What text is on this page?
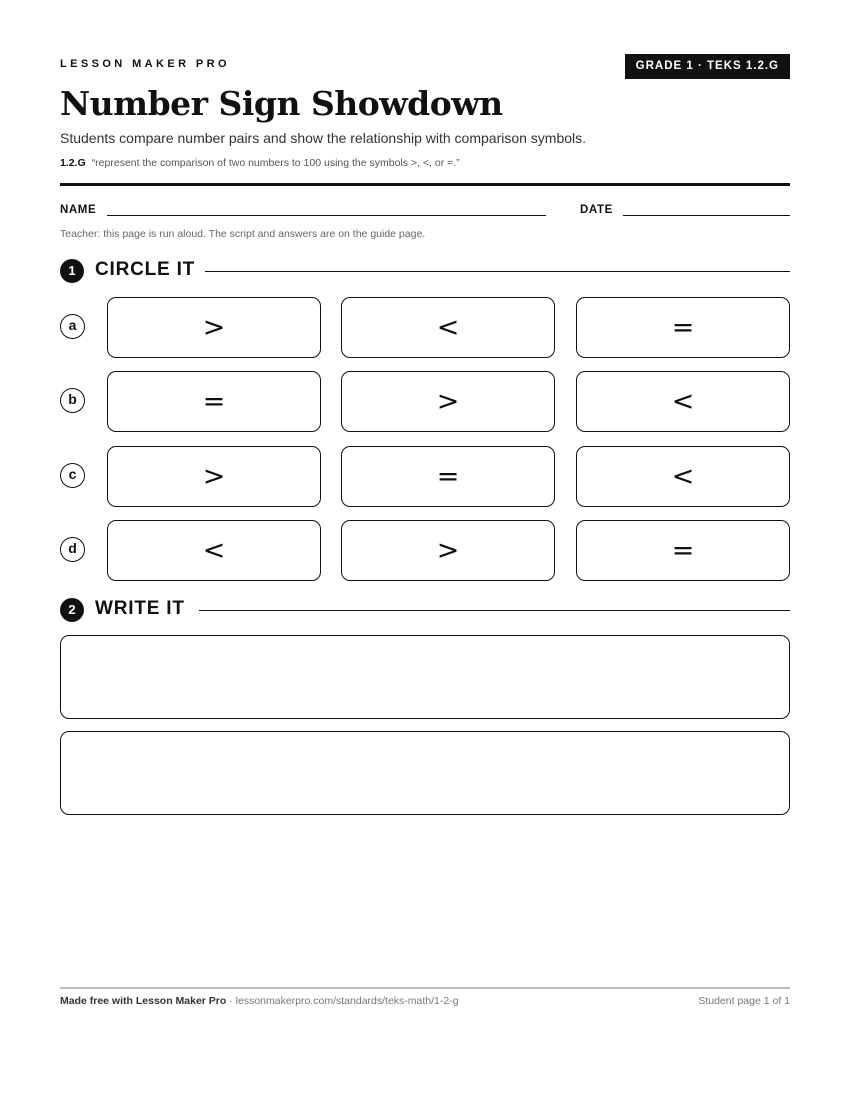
LESSON MAKER PRO	GRADE 1 · TEKS 1.2.G
Number Sign Showdown
Students compare number pairs and show the relationship with comparison symbols.
1.2.G “represent the comparison of two numbers to 100 using the symbols >, <, or =.”
NAME	DATE
Teacher: this page is run aloud. The script and answers are on the guide page.
1	CIRCLE IT
a	>	<	=
b	=	>	<
c	>	=	<
d	<	>	=
2	WRITE IT
Made free with Lesson Maker Pro · lessonmakerpro.com/standards/teks-math/1-2-g	Student page 1 of 1
